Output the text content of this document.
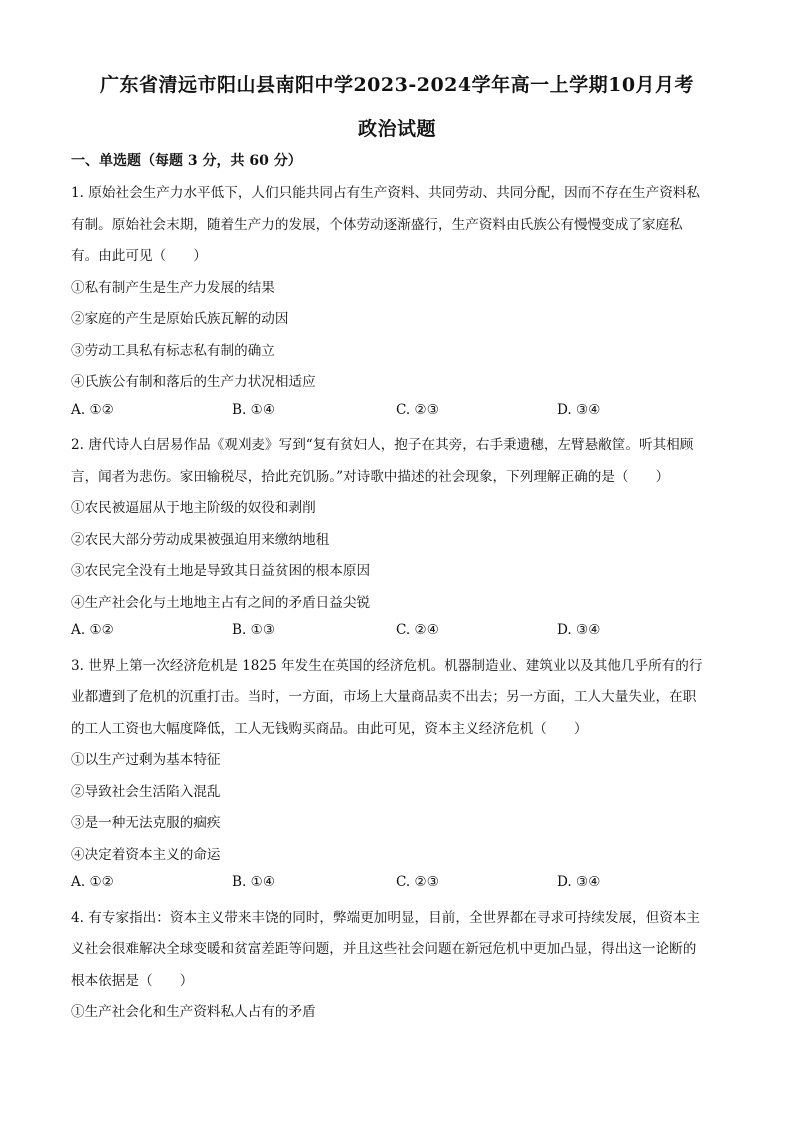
广东省清远市阳山县南阳中学2023-2024学年高一上学期10月月考
政治试题
一、单选题（每题 3 分，共 60 分）
1. 原始社会生产力水平低下，人们只能共同占有生产资料、共同劳动、共同分配，因而不存在生产资料私
有制。原始社会末期，随着生产力的发展，个体劳动逐渐盛行，生产资料由氏族公有慢慢变成了家庭私
有。由此可见（　　）
①私有制产生是生产力发展的结果
②家庭的产生是原始氏族瓦解的动因
③劳动工具私有标志私有制的确立
④氏族公有制和落后的生产力状况相适应
A. ①②	B. ①④	C. ②③	D. ③④
2. 唐代诗人白居易作品《观刈麦》写到“复有贫妇人，抱子在其旁，右手秉遗穗，左臂悬敝筐。听其相顾
言，闻者为悲伤。家田输税尽，拾此充饥肠。”对诗歌中描述的社会现象，下列理解正确的是（　　）
①农民被逼屈从于地主阶级的奴役和剥削
②农民大部分劳动成果被强迫用来缴纳地租
③农民完全没有土地是导致其日益贫困的根本原因
④生产社会化与土地地主占有之间的矛盾日益尖锐
A. ①②	B. ①③	C. ②④	D. ③④
3. 世界上第一次经济危机是 1825 年发生在英国的经济危机。机器制造业、建筑业以及其他几乎所有的行
业都遭到了危机的沉重打击。当时，一方面，市场上大量商品卖不出去；另一方面，工人大量失业，在职
的工人工资也大幅度降低，工人无钱购买商品。由此可见，资本主义经济危机（　　）
①以生产过剩为基本特征
②导致社会生活陷入混乱
③是一种无法克服的痼疾
④决定着资本主义的命运
A. ①②	B. ①④	C. ②③	D. ③④
4. 有专家指出：资本主义带来丰饶的同时，弊端更加明显，目前，全世界都在寻求可持续发展，但资本主
义社会很难解决全球变暖和贫富差距等问题，并且这些社会问题在新冠危机中更加凸显，得出这一论断的
根本依据是（　　）
①生产社会化和生产资料私人占有的矛盾
